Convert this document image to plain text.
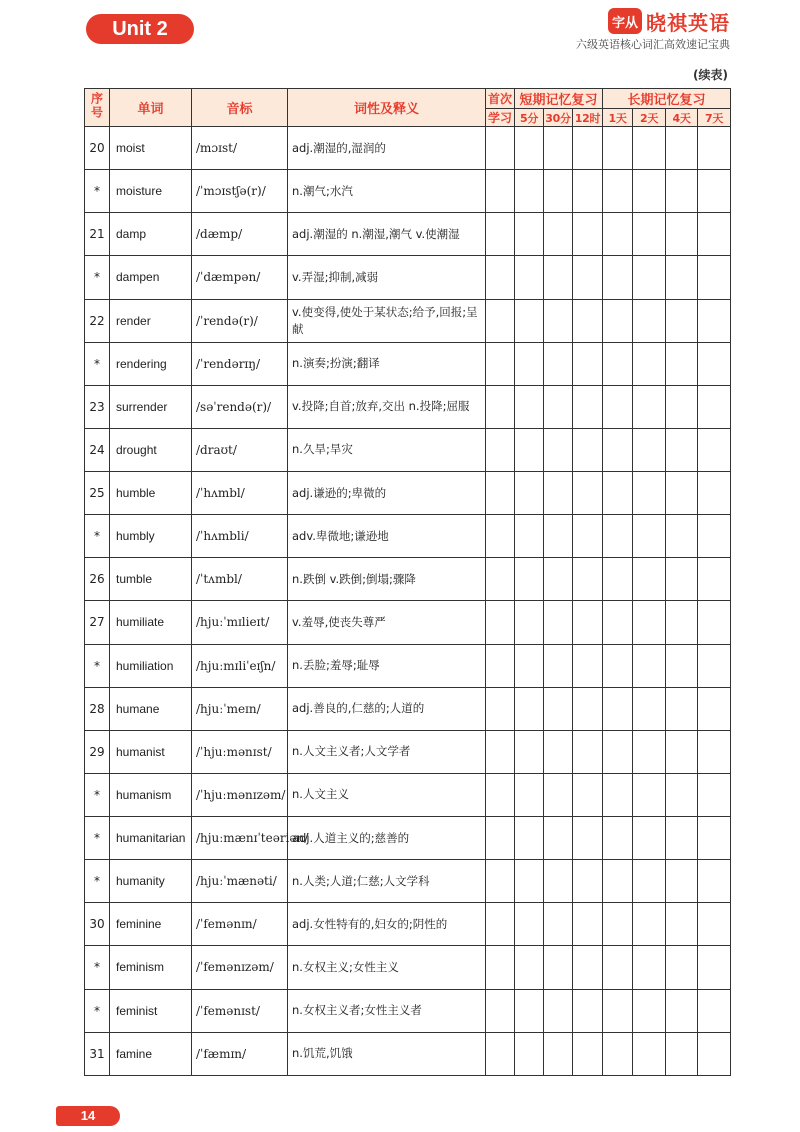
Unit 2	字从 晓祺英语
六级英语核心词汇高效速记宝典
(续表)
序号	单词	音标	词性及释义	首次	短期记忆复习			长期记忆复习			
				学习	5分	30分	12时	1天	2天	4天	7天
20	moist	/mɔɪst/	adj.潮湿的,湿润的								
*	moisture	/ˈmɔɪstʃə(r)/	n.潮气;水汽								
21	damp	/dæmp/	adj.潮湿的 n.潮湿,潮气 v.使潮湿								
*	dampen	/ˈdæmpən/	v.弄湿;抑制,减弱								
22	render	/ˈrendə(r)/	v.使变得,使处于某状态;给予,回报;呈献								
*	rendering	/ˈrendərɪŋ/	n.演奏;扮演;翻译								
23	surrender	/səˈrendə(r)/	v.投降;自首;放弃,交出 n.投降;屈服								
24	drought	/draʊt/	n.久旱;旱灾								
25	humble	/ˈhʌmbl/	adj.谦逊的;卑微的								
*	humbly	/ˈhʌmbli/	adv.卑微地;谦逊地								
26	tumble	/ˈtʌmbl/	n.跌倒 v.跌倒;倒塌;骤降								
27	humiliate	/hjuːˈmɪlieɪt/	v.羞辱,使丧失尊严								
*	humiliation	/hjuːmɪliˈeɪʃn/	n.丢脸;羞辱;耻辱								
28	humane	/hjuːˈmeɪn/	adj.善良的,仁慈的;人道的								
29	humanist	/ˈhjuːmənɪst/	n.人文主义者;人文学者								
*	humanism	/ˈhjuːmənɪzəm/	n.人文主义								
*	humanitarian	/hjuːmænɪˈteəriən/	adj.人道主义的;慈善的								
*	humanity	/hjuːˈmænəti/	n.人类;人道;仁慈;人文学科								
30	feminine	/ˈfemənɪn/	adj.女性特有的,妇女的;阴性的								
*	feminism	/ˈfemənɪzəm/	n.女权主义;女性主义								
*	feminist	/ˈfemənɪst/	n.女权主义者;女性主义者								
31	famine	/ˈfæmɪn/	n.饥荒,饥饿								
14
